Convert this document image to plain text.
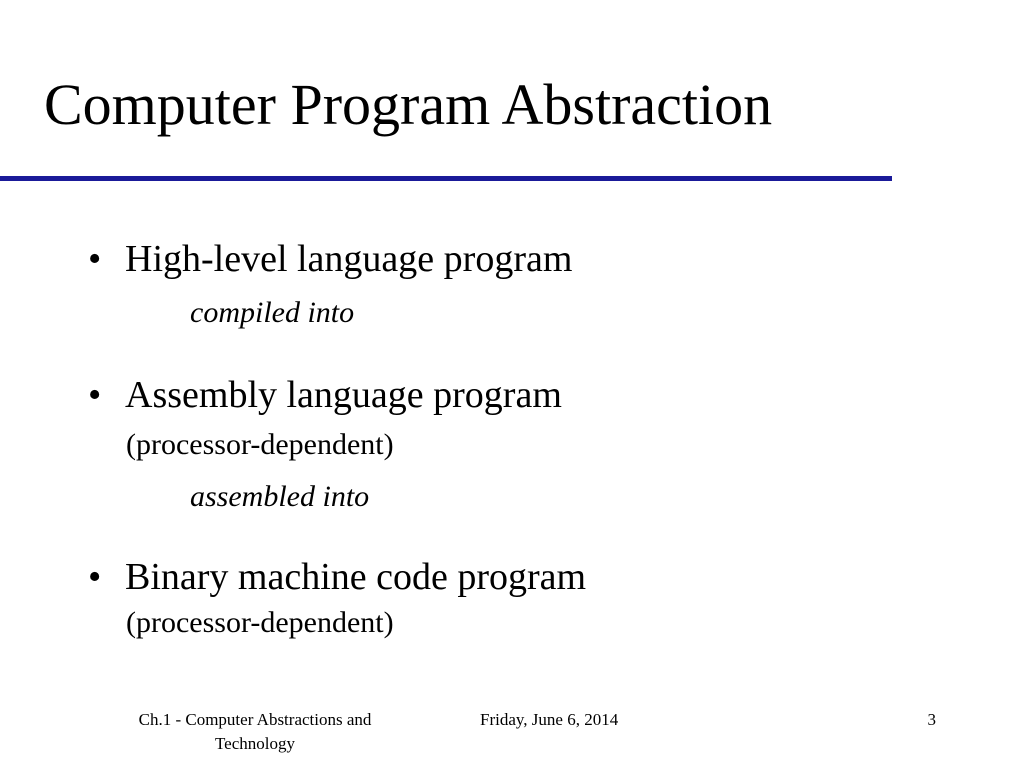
Computer Program Abstraction

• High-level language program

compiled into

• Assembly language program

(processor-dependent)

assembled into

• Binary machine code program

(processor-dependent)

Ch.1 - Computer Abstractions and
Technology
Friday, June 6, 2014	3
